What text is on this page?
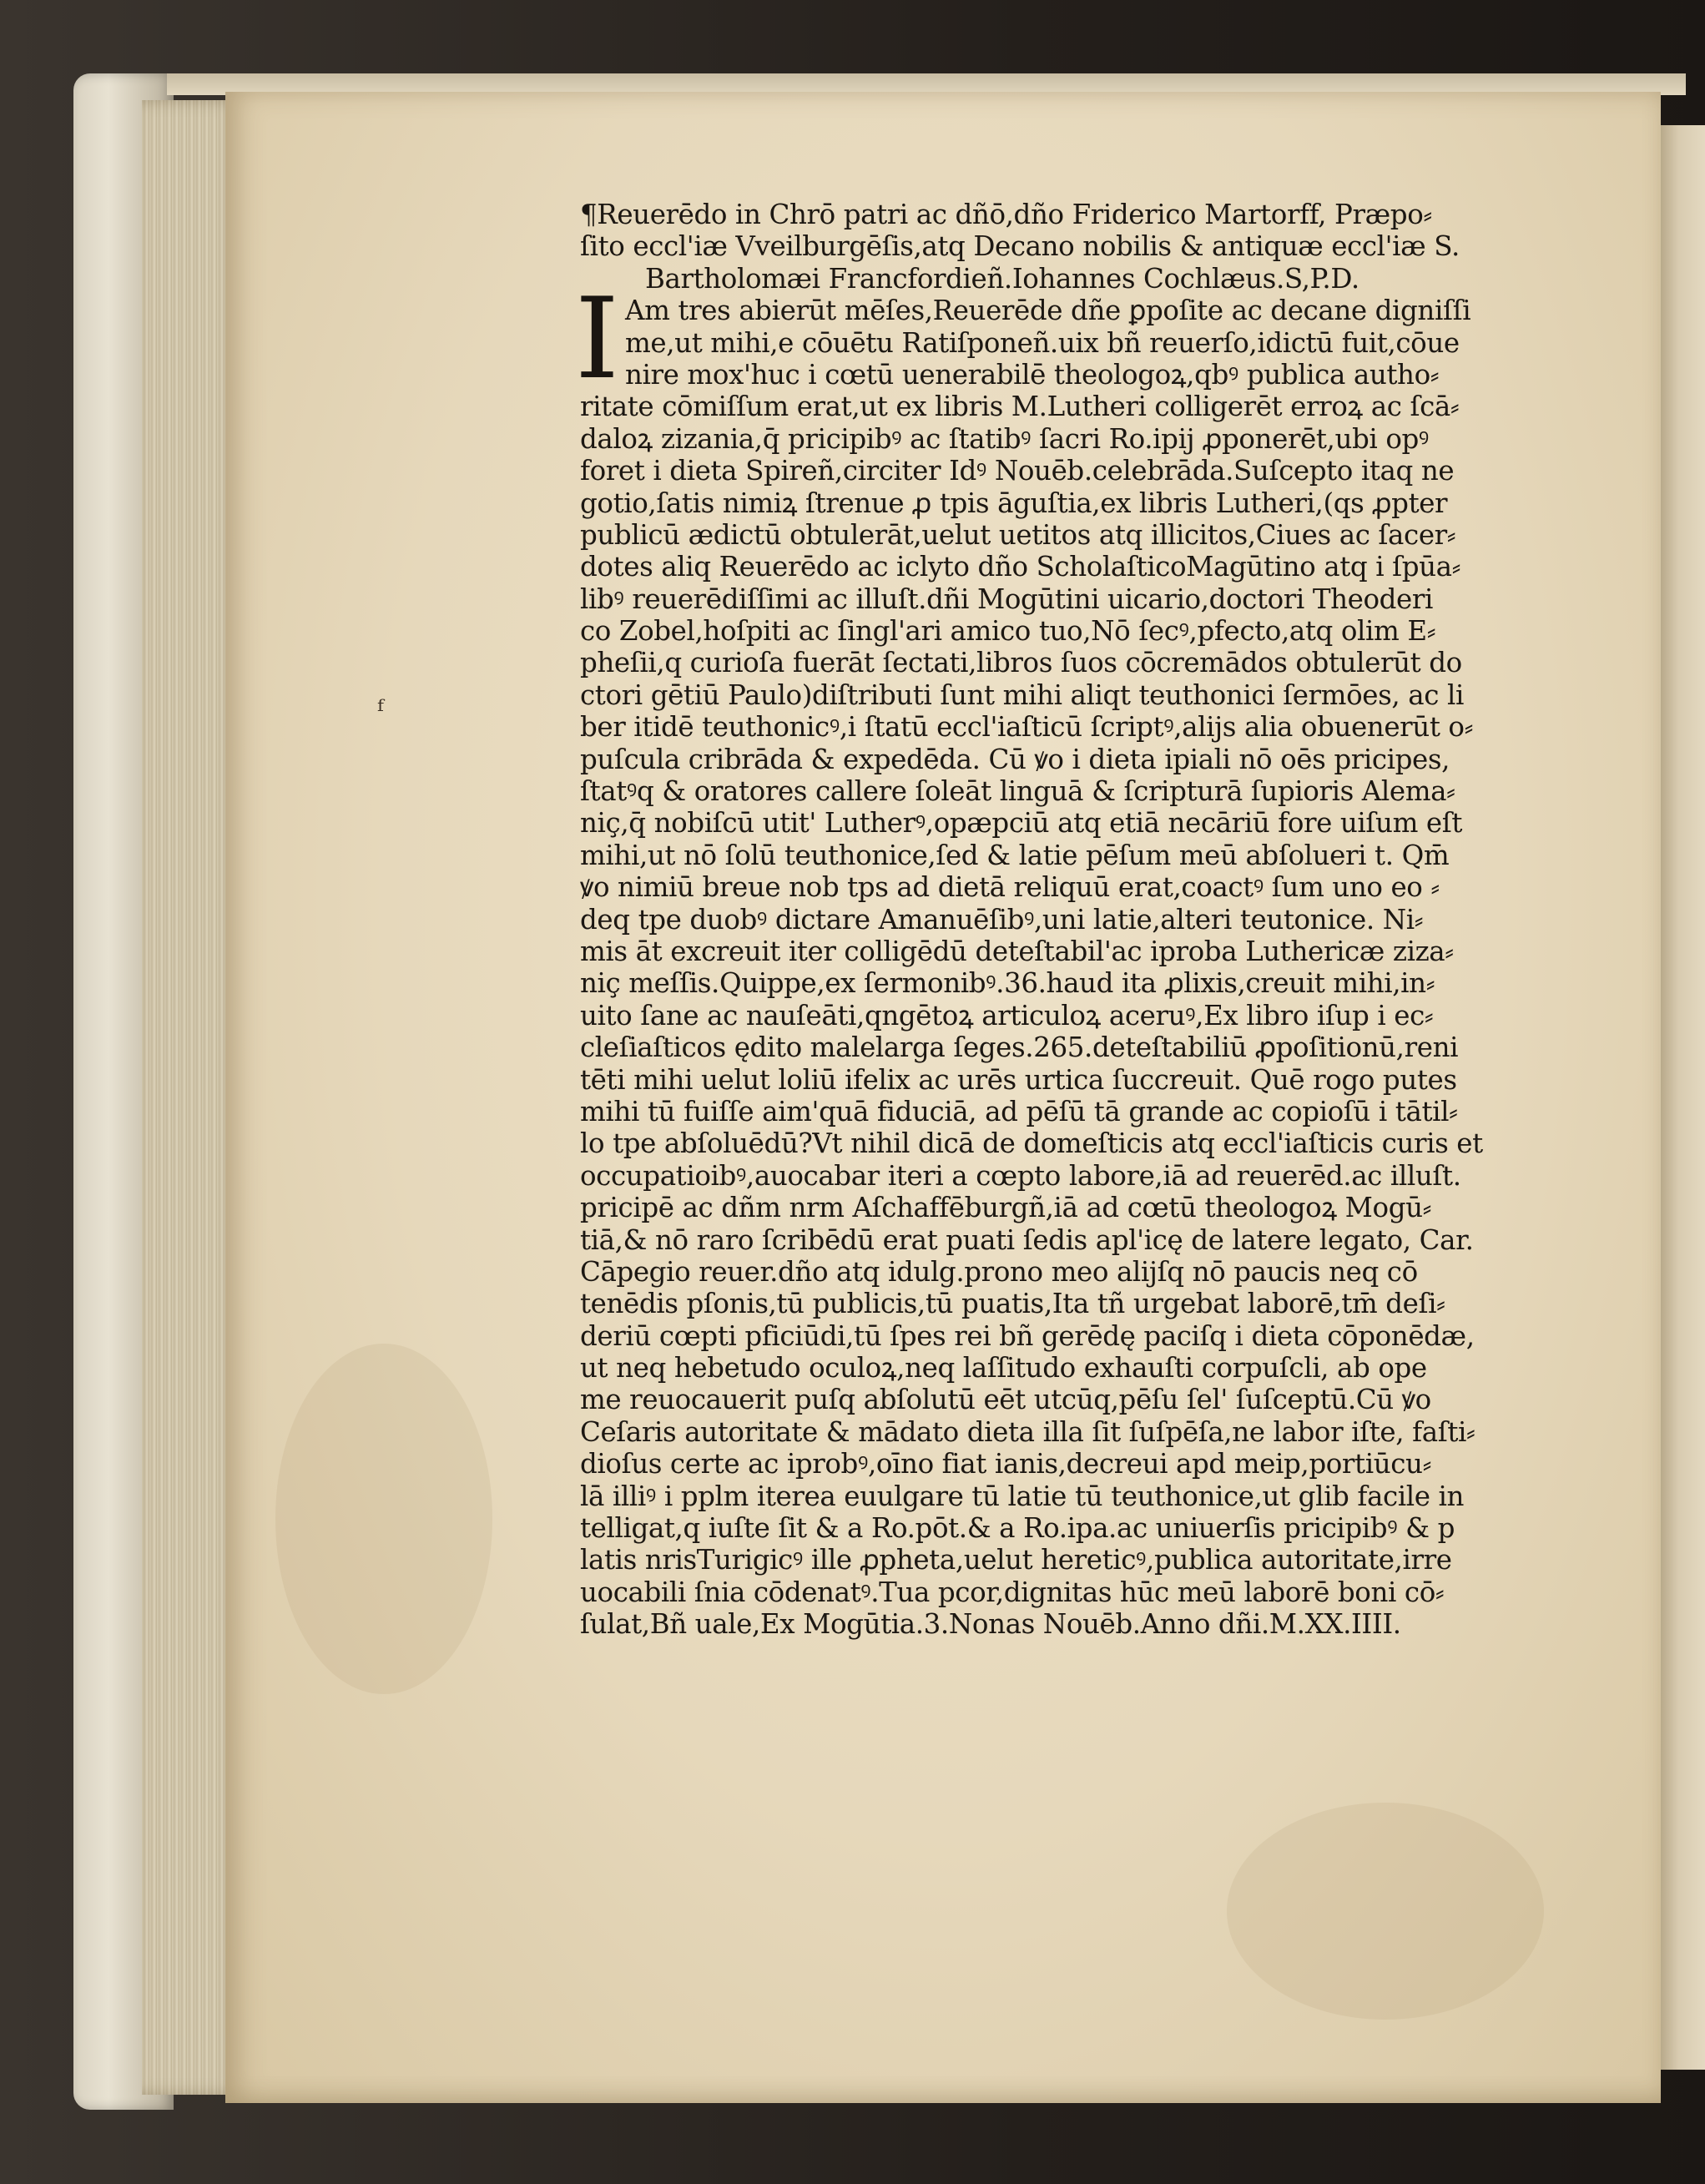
ᶠ
¶Reuerēdo in Chrō patri ac dñō,dño Friderico Martorff, Præpo⸗
ſito eccl'iæ Vveilburgēſis,atq Decano nobilis & antiquæ eccl'iæ S.
Bartholomæi Francfordieñ.Iohannes Cochlæus.S,P.D.
I Am tres abierūt mēſes,Reuerēde dñe ꝑpoſite ac decane digniſſi
me,ut mihi,e cōuētu Ratiſponeñ.uix bñ reuerſo,idictū fuit,cōue
nire mox'huc i cœtū uenerabilē theologoꝝ,qbꝰ publica autho⸗
ritate cōmiſſum erat,ut ex libris M.Lutheri colligerēt erroꝝ ac ſcā⸗
daloꝝ zizania,q̄ pricipibꝰ ac ſtatibꝰ ſacri Ro.ipij ꝓponerēt,ubi opꝰ
foret i dieta Spireñ,circiter Idꝰ Nouēb.celebrāda.Suſcepto itaq ne
gotio,ſatis nimiꝝ ſtrenue ꝓ tpis āguſtia,ex libris Lutheri,(qs ꝓpter
publicū ædictū obtulerāt,uelut uetitos atq illicitos,Ciues ac ſacer⸗
dotes aliq Reuerēdo ac iclyto dño ScholaſticoMagūtino atq i ſpūa⸗
libꝰ reuerēdiſſimi ac illuſt.dñi Mogūtini uicario,doctori Theoderi
co Zobel,hoſpiti ac ſingl'ari amico tuo,Nō ſecꝰ,pfecto,atq olim E⸗
pheſii,q curioſa fuerāt ſectati,libros ſuos cōcremādos obtulerūt do
ctori gētiū Paulo)diſtributi ſunt mihi aliqt teuthonici ſermōes, ac li
ber itidē teuthonicꝰ,i ſtatū eccl'iaſticū ſcriptꝰ,alijs alia obuenerūt o⸗
puſcula cribrāda & expedēda. Cū ꝟo i dieta ipiali nō oēs pricipes,
ſtatꝰq & oratores callere ſoleāt linguā & ſcripturā ſupioris Alema⸗
niç,q̄ nobiſcū utit' Lutherꝰ,opæpciū atq etiā necāriū fore uiſum eſt
mihi,ut nō ſolū teuthonice,ſed & latie pēſum meū abſolueri t. Qm̄
ꝟo nimiū breue nob tps ad dietā reliquū erat,coactꝰ ſum uno eo ⸗
deq tpe duobꝰ dictare Amanuēſibꝰ,uni latie,alteri teutonice. Ni⸗
mis āt excreuit iter colligēdū deteſtabil'ac iproba Luthericæ ziza⸗
niç meſſis.Quippe,ex ſermonibꝰ.36.haud ita ꝓlixis,creuit mihi,in⸗
uito ſane ac nauſeāti,qngētoꝝ articuloꝝ aceruꝰ,Ex libro iſup i ec⸗
cleſiaſticos ędito malelarga ſeges.265.deteſtabiliū ꝓpoſitionū,reni
tēti mihi uelut loliū ifelix ac urēs urtica ſuccreuit. Quē rogo putes
mihi tū fuiſſe aim'quā fiduciā, ad pēſū tā grande ac copioſū i tātil⸗
lo tpe abſoluēdū?Vt nihil dicā de domeſticis atq eccl'iaſticis curis et
occupatioibꝰ,auocabar iteri a cœpto labore,iā ad reuerēd.ac illuſt.
pricipē ac dñm nrm Aſchaffēburgñ,iā ad cœtū theologoꝝ Mogū⸗
tiā,& nō raro ſcribēdū erat puati ſedis apl'icę de latere legato, Car.
Cāpegio reuer.dño atq idulg.prono meo alijſq nō paucis neq cō
tenēdis pſonis,tū publicis,tū puatis,Ita tñ urgebat laborē,tm̄ deſi⸗
deriū cœpti pficiūdi,tū ſpes rei bñ gerēdę paciſq i dieta cōponēdæ,
ut neq hebetudo oculoꝝ,neq laſſitudo exhauſti corpuſcli, ab ope
me reuocauerit puſq abſolutū eēt utcūq,pēſu ſel' ſuſceptū.Cū ꝟo
Ceſaris autoritate & mādato dieta illa ſit ſuſpēſa,ne labor iſte, faſti⸗
dioſus certe ac iprobꝰ,oīno fiat ianis,decreui apd meip,portiūcu⸗
lā illiꝰ i pplm iterea euulgare tū latie tū teuthonice,ut glib facile in
telligat,q iuſte ſit & a Ro.pōt.& a Ro.ipa.ac uniuerſis pricipibꝰ & p
latis nrisTurigicꝰ ille ꝓpheta,uelut hereticꝰ,publica autoritate,irre
uocabili ſnia cōdenatꝰ.Tua pcor,dignitas hūc meū laborē boni cō⸗
ſulat,Bñ uale,Ex Mogūtia.3.Nonas Nouēb.Anno dñi.M.XX.IIII.
